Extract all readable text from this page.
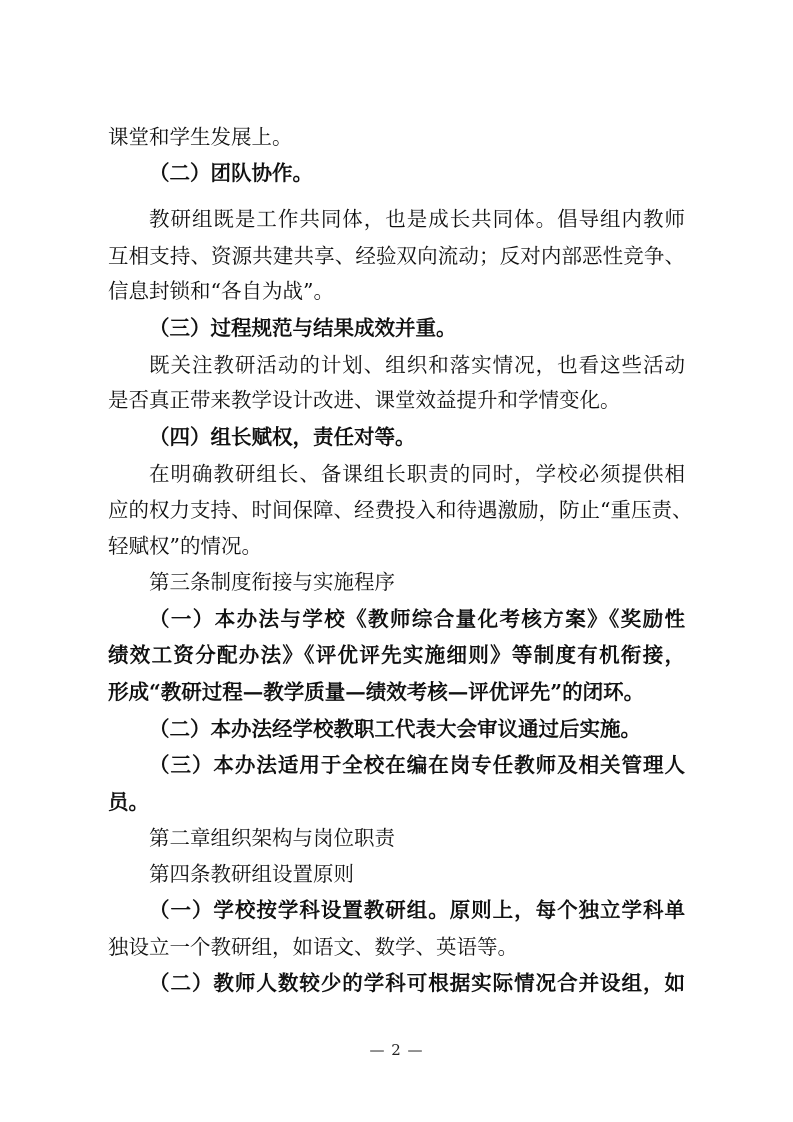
课堂和学生发展上。
（二）团队协作。
教研组既是工作共同体，也是成长共同体。倡导组内教师
互相支持、资源共建共享、经验双向流动；反对内部恶性竞争、
信息封锁和“各自为战”。
（三）过程规范与结果成效并重。
既关注教研活动的计划、组织和落实情况，也看这些活动
是否真正带来教学设计改进、课堂效益提升和学情变化。
（四）组长赋权，责任对等。
在明确教研组长、备课组长职责的同时，学校必须提供相
应的权力支持、时间保障、经费投入和待遇激励，防止“重压责、
轻赋权”的情况。
第三条制度衔接与实施程序
（一）本办法与学校《教师综合量化考核方案》《奖励性
绩效工资分配办法》《评优评先实施细则》等制度有机衔接，
形成“教研过程—教学质量—绩效考核—评优评先”的闭环。
（二）本办法经学校教职工代表大会审议通过后实施。
（三）本办法适用于全校在编在岗专任教师及相关管理人
员。
第二章组织架构与岗位职责
第四条教研组设置原则
（一）学校按学科设置教研组。原则上，每个独立学科单
独设立一个教研组，如语文、数学、英语等。
（二）教师人数较少的学科可根据实际情况合并设组，如
— 2 —
